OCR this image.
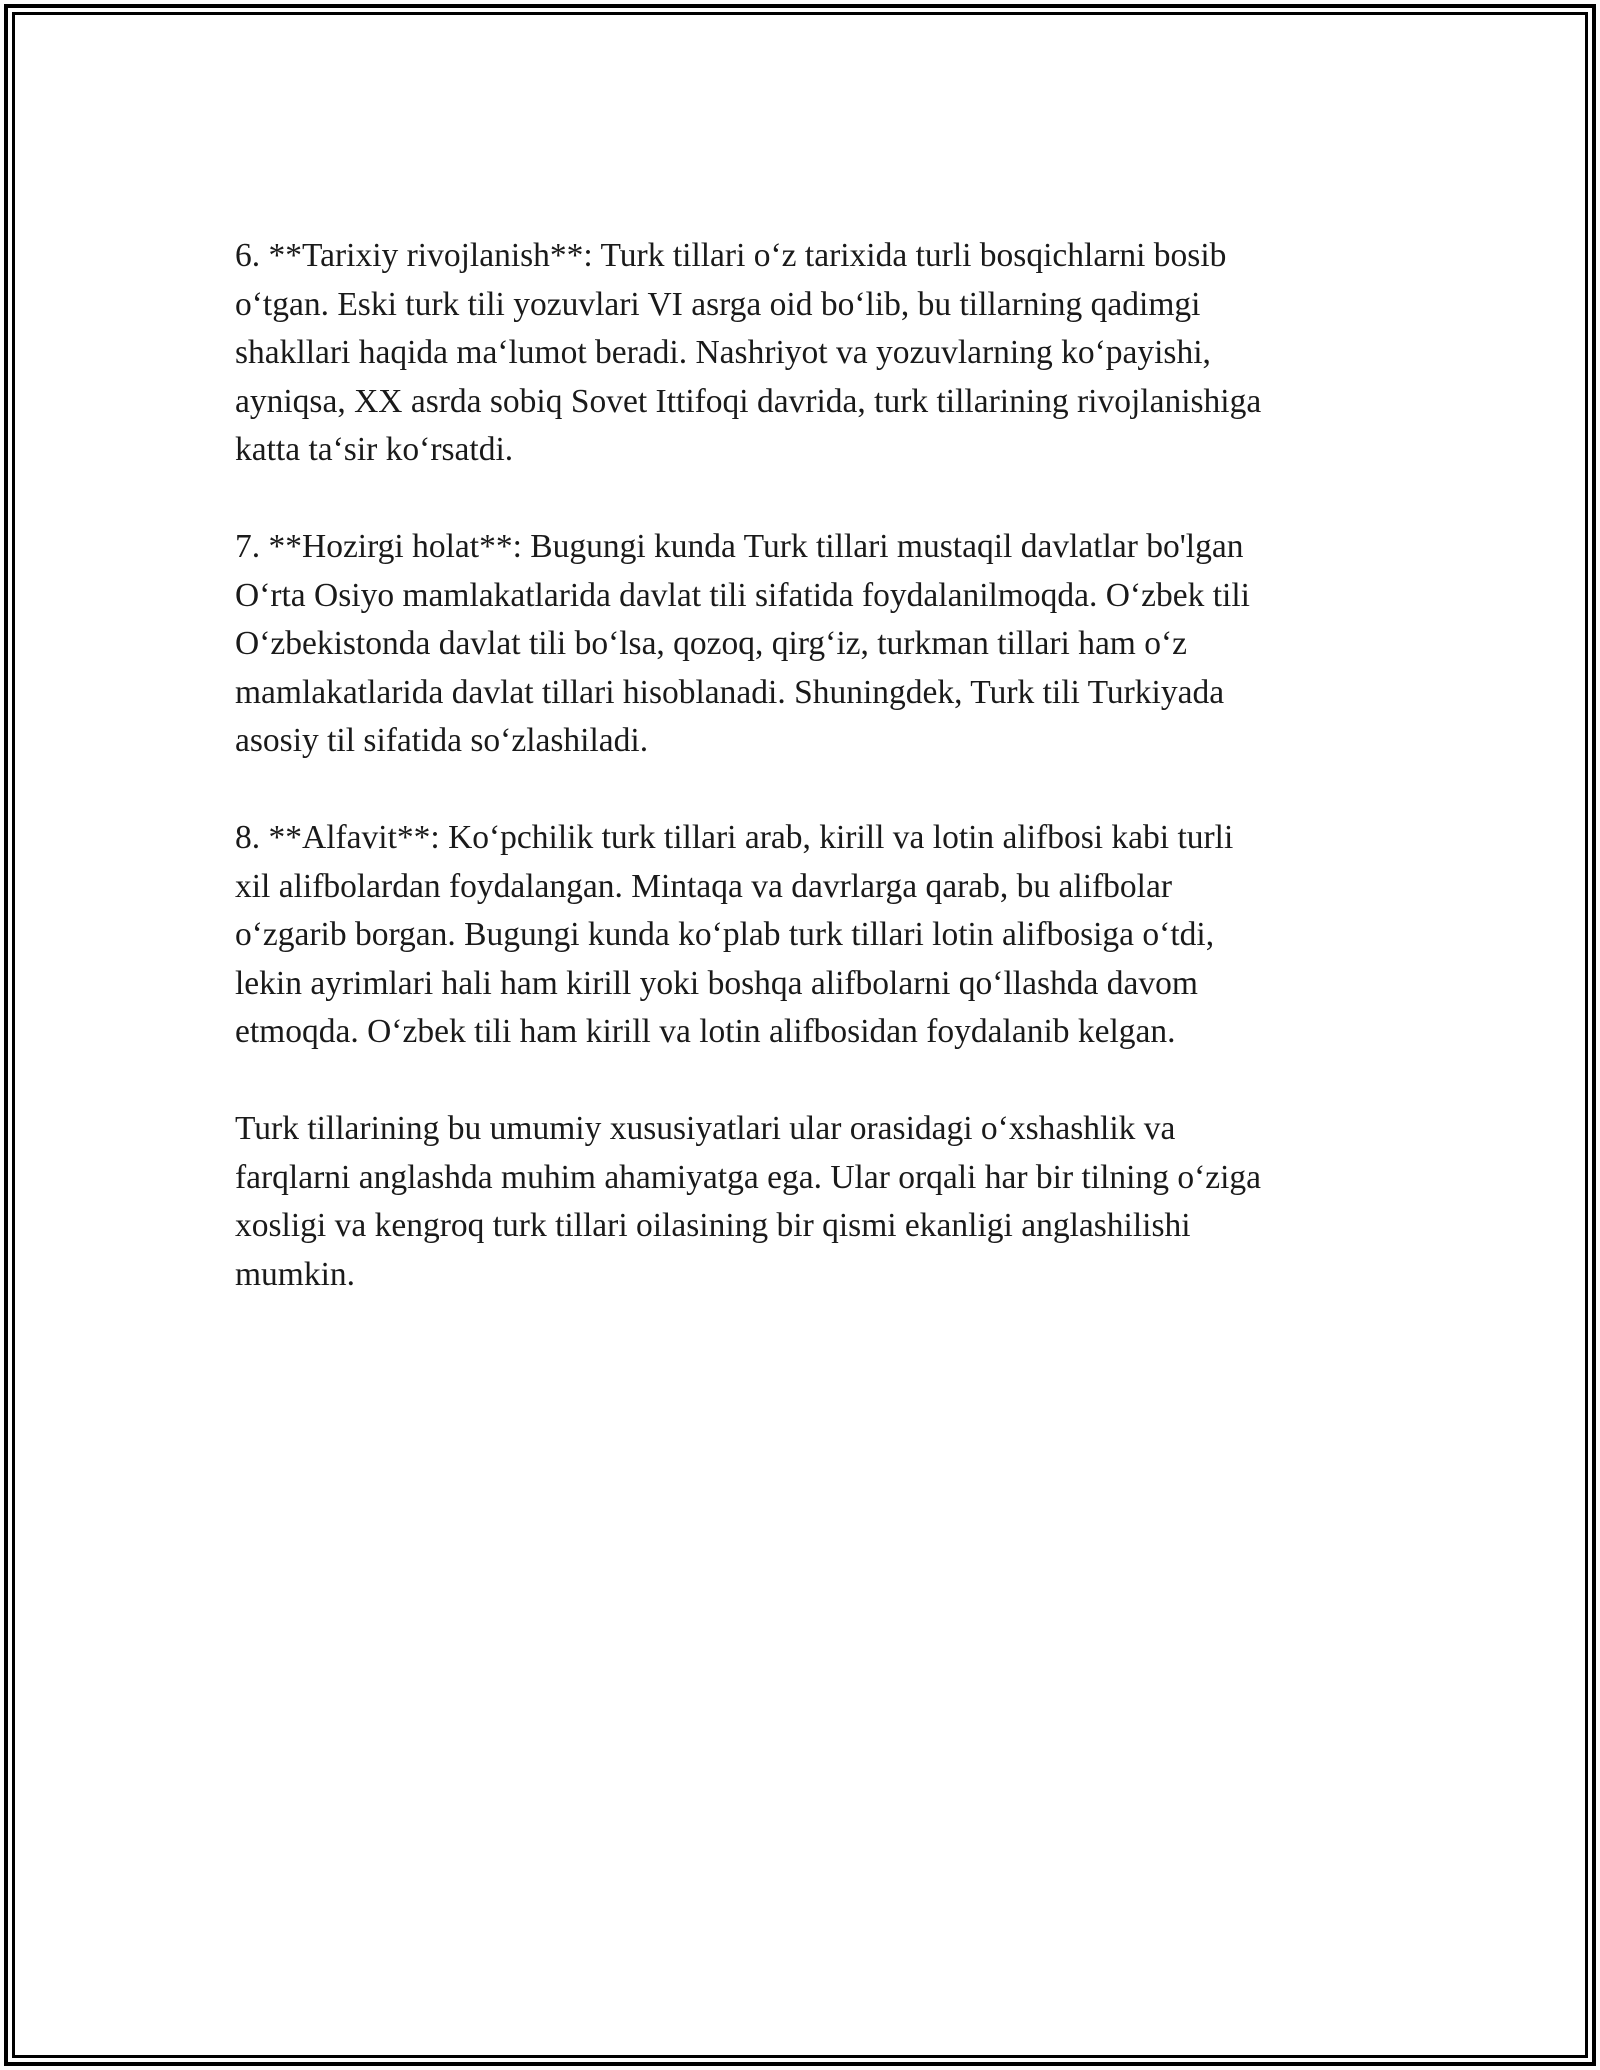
6. **Tarixiy rivojlanish**: Turk tillari o‘z tarixida turli bosqichlarni bosib
o‘tgan. Eski turk tili yozuvlari VI asrga oid bo‘lib, bu tillarning qadimgi
shakllari haqida ma‘lumot beradi. Nashriyot va yozuvlarning ko‘payishi,
ayniqsa, XX asrda sobiq Sovet Ittifoqi davrida, turk tillarining rivojlanishiga
katta ta‘sir ko‘rsatdi.

7. **Hozirgi holat**: Bugungi kunda Turk tillari mustaqil davlatlar bo'lgan
O‘rta Osiyo mamlakatlarida davlat tili sifatida foydalanilmoqda. O‘zbek tili
O‘zbekistonda davlat tili bo‘lsa, qozoq, qirg‘iz, turkman tillari ham o‘z
mamlakatlarida davlat tillari hisoblanadi. Shuningdek, Turk tili Turkiyada
asosiy til sifatida so‘zlashiladi.

8. **Alfavit**: Ko‘pchilik turk tillari arab, kirill va lotin alifbosi kabi turli
xil alifbolardan foydalangan. Mintaqa va davrlarga qarab, bu alifbolar
o‘zgarib borgan. Bugungi kunda ko‘plab turk tillari lotin alifbosiga o‘tdi,
lekin ayrimlari hali ham kirill yoki boshqa alifbolarni qo‘llashda davom
etmoqda. O‘zbek tili ham kirill va lotin alifbosidan foydalanib kelgan.

Turk tillarining bu umumiy xususiyatlari ular orasidagi o‘xshashlik va
farqlarni anglashda muhim ahamiyatga ega. Ular orqali har bir tilning o‘ziga
xosligi va kengroq turk tillari oilasining bir qismi ekanligi anglashilishi
mumkin.
